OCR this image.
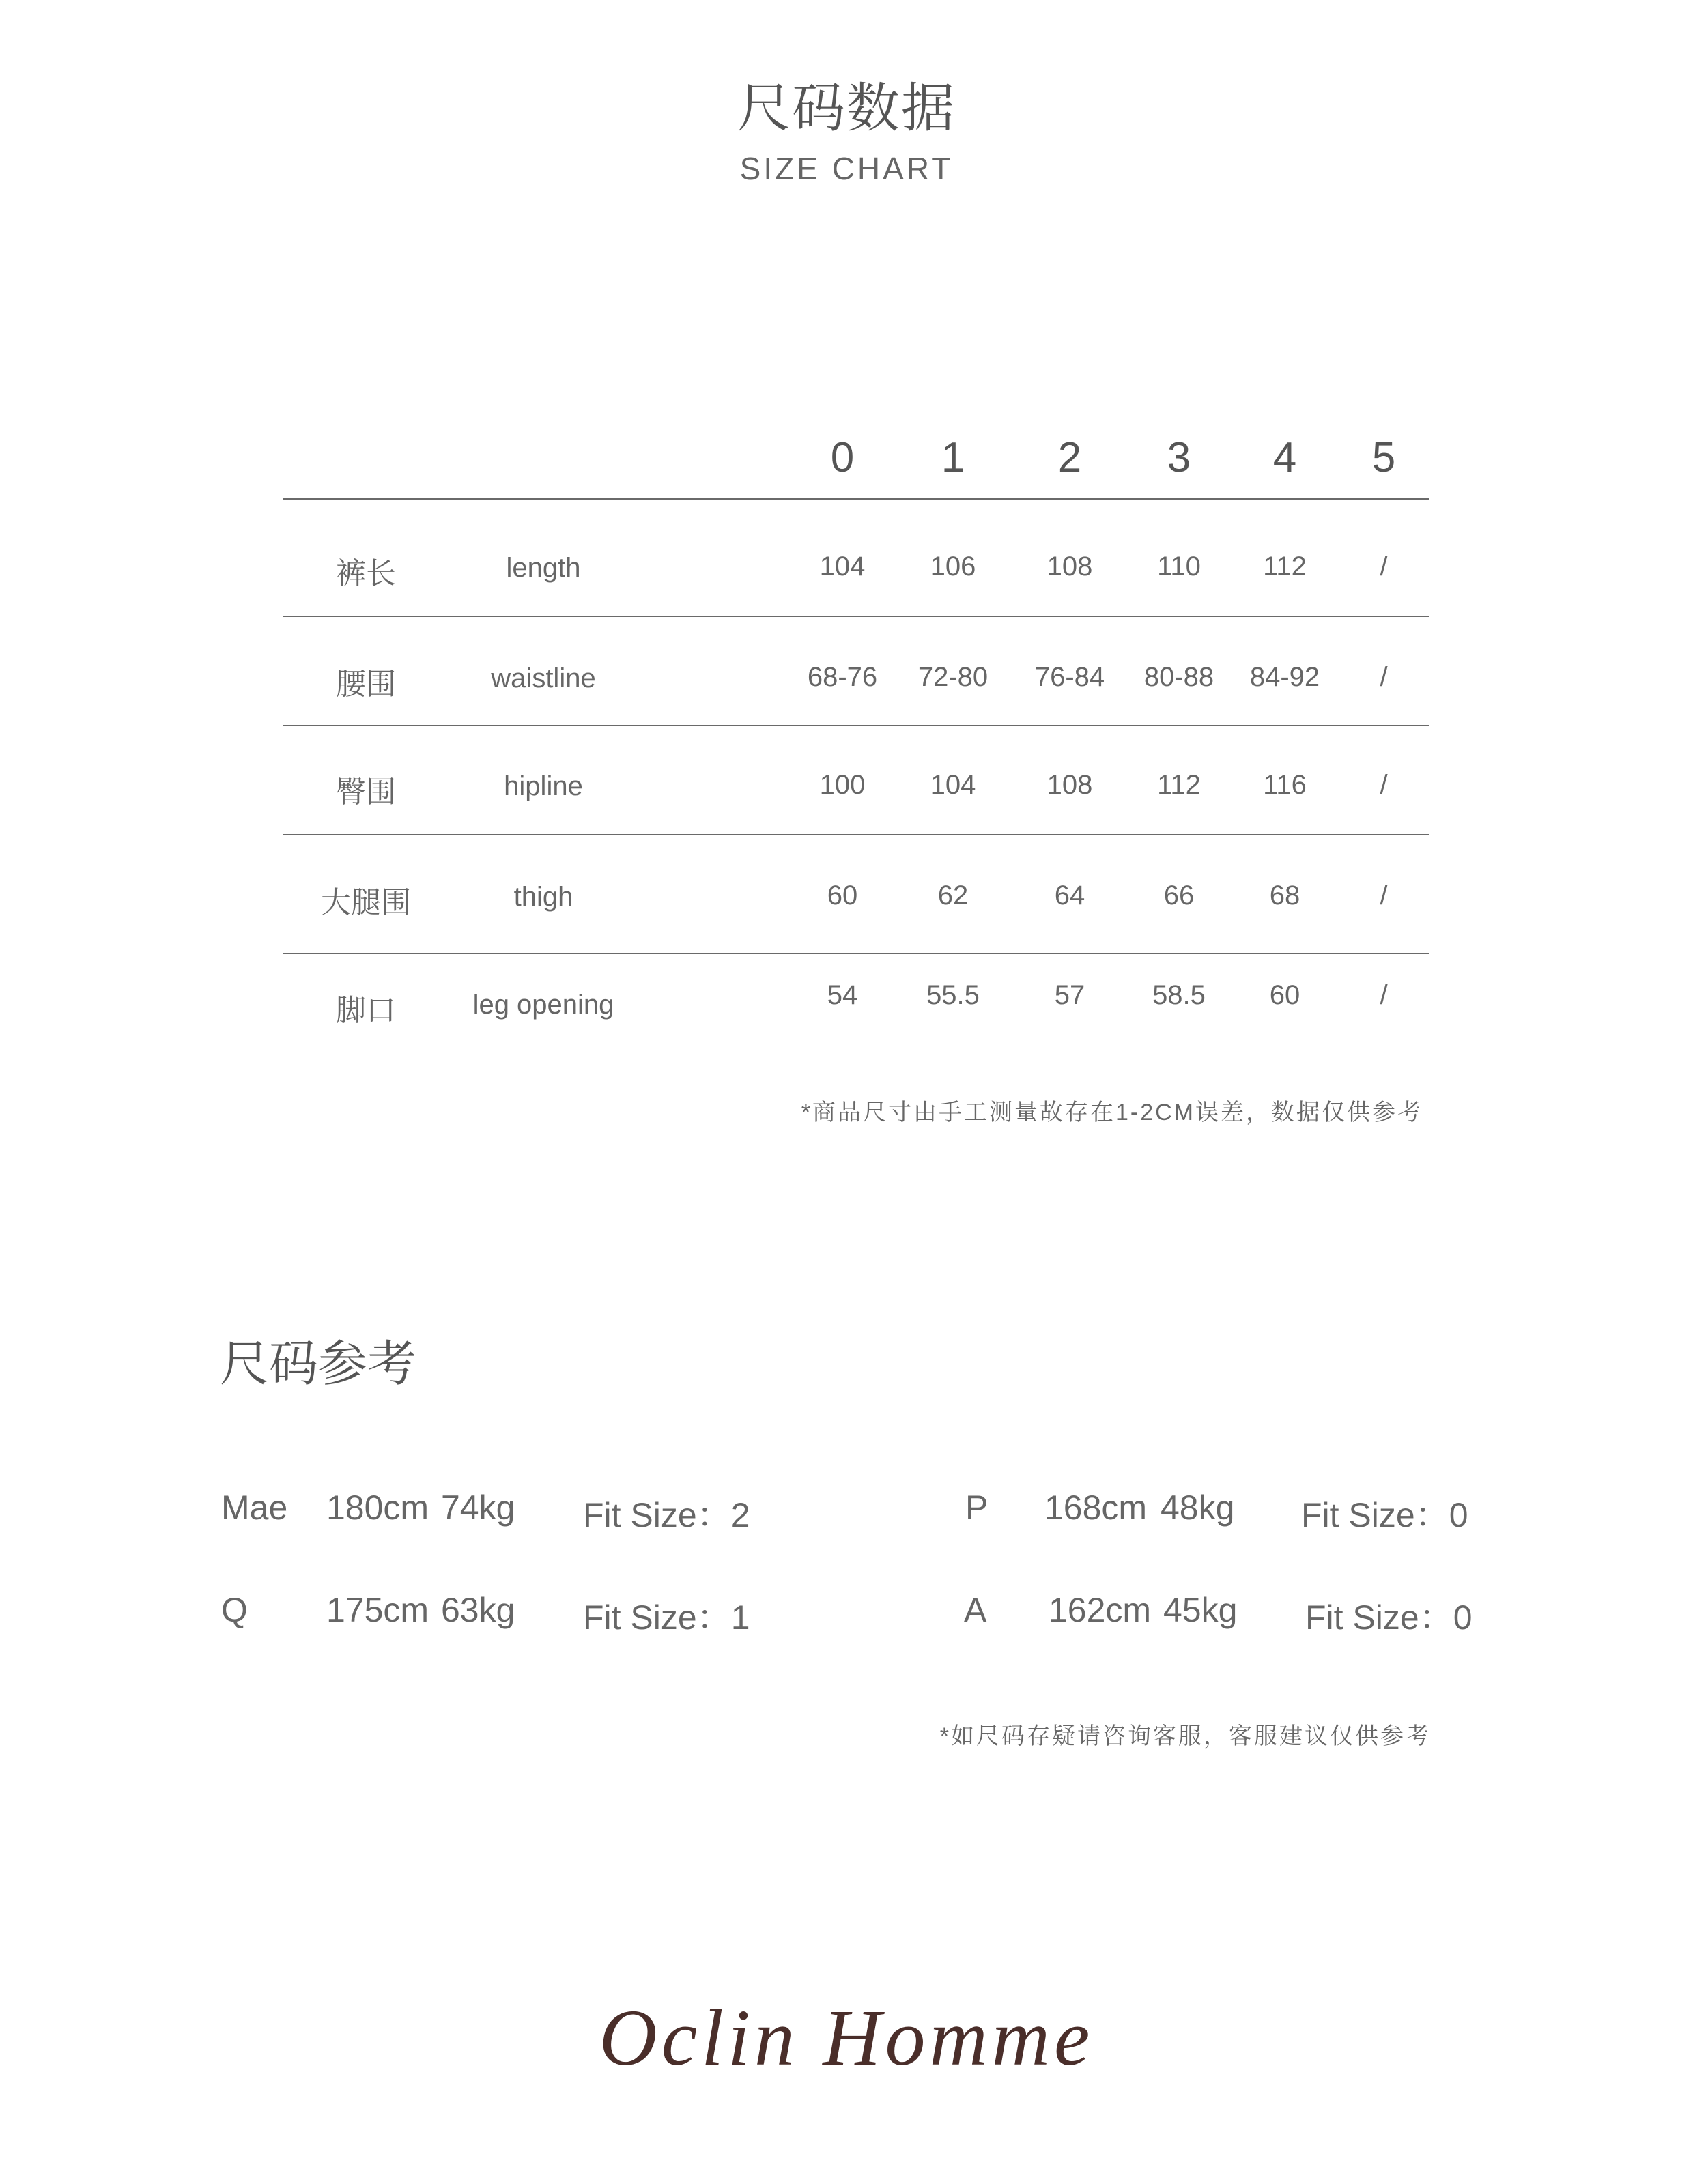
尺码数据
SIZE CHART
0	1	2	3	4	5
裤长	length	104	106	108	110	112	/
腰围	waistline	68-76	72-80	76-84	80-88	84-92	/
臀围	hipline	100	104	108	112	116	/
大腿围	thigh	60	62	64	66	68	/
脚口	leg opening	54	55.5	57	58.5	60	/
*商品尺寸由手工测量故存在1-2CM误差，数据仅供参考
尺码参考
Mae 180cm 74kg Fit Size：2	P 168cm 48kg Fit Size：0
Q 175cm 63kg Fit Size：1	A 162cm 45kg Fit Size：0
*如尺码存疑请咨询客服，客服建议仅供参考
Oclin Homme
